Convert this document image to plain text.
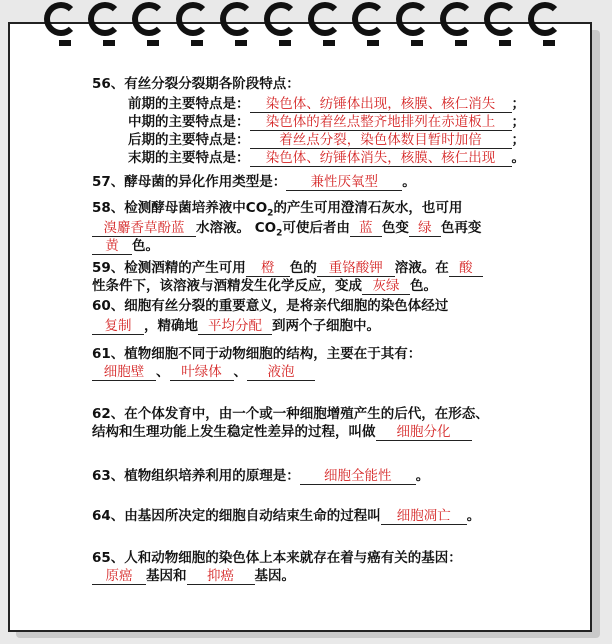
56、有丝分裂分裂期各阶段特点：
前期的主要特点是： 染色体、纺锤体出现，核膜、核仁消失 ；
中期的主要特点是： 染色体的着丝点整齐地排列在赤道板上 ；
后期的主要特点是： 着丝点分裂，染色体数目暂时加倍 ；
末期的主要特点是： 染色体、纺锤体消失，核膜、核仁出现 。
57、酵母菌的异化作用类型是： 兼性厌氧型 。
58、检测酵母菌培养液中$CO_2$的产生可用澄清石灰水，也可用
溴麝香草酚蓝 水溶液。 $CO_2$可使后者由 蓝 色变 绿 色再变
黄 色。
59、检测酒精的产生可用 橙 色的 重铬酸钾 溶液。在 酸
性条件下，该溶液与酒精发生化学反应，变成 灰绿 色。
60、细胞有丝分裂的重要意义，是将亲代细胞的染色体经过
复制 ，精确地 平均分配 到两个子细胞中。
61、植物细胞不同于动物细胞的结构，主要在于其有：
细胞壁 、 叶绿体 、 液泡
62、在个体发育中，由一个或一种细胞增殖产生的后代，在形态、
结构和生理功能上发生稳定性差异的过程，叫做 细胞分化
63、植物组织培养利用的原理是： 细胞全能性 。
64、由基因所决定的细胞自动结束生命的过程叫 细胞凋亡 。
65、人和动物细胞的染色体上本来就存在着与癌有关的基因：
原癌 基因和 抑癌 基因。
